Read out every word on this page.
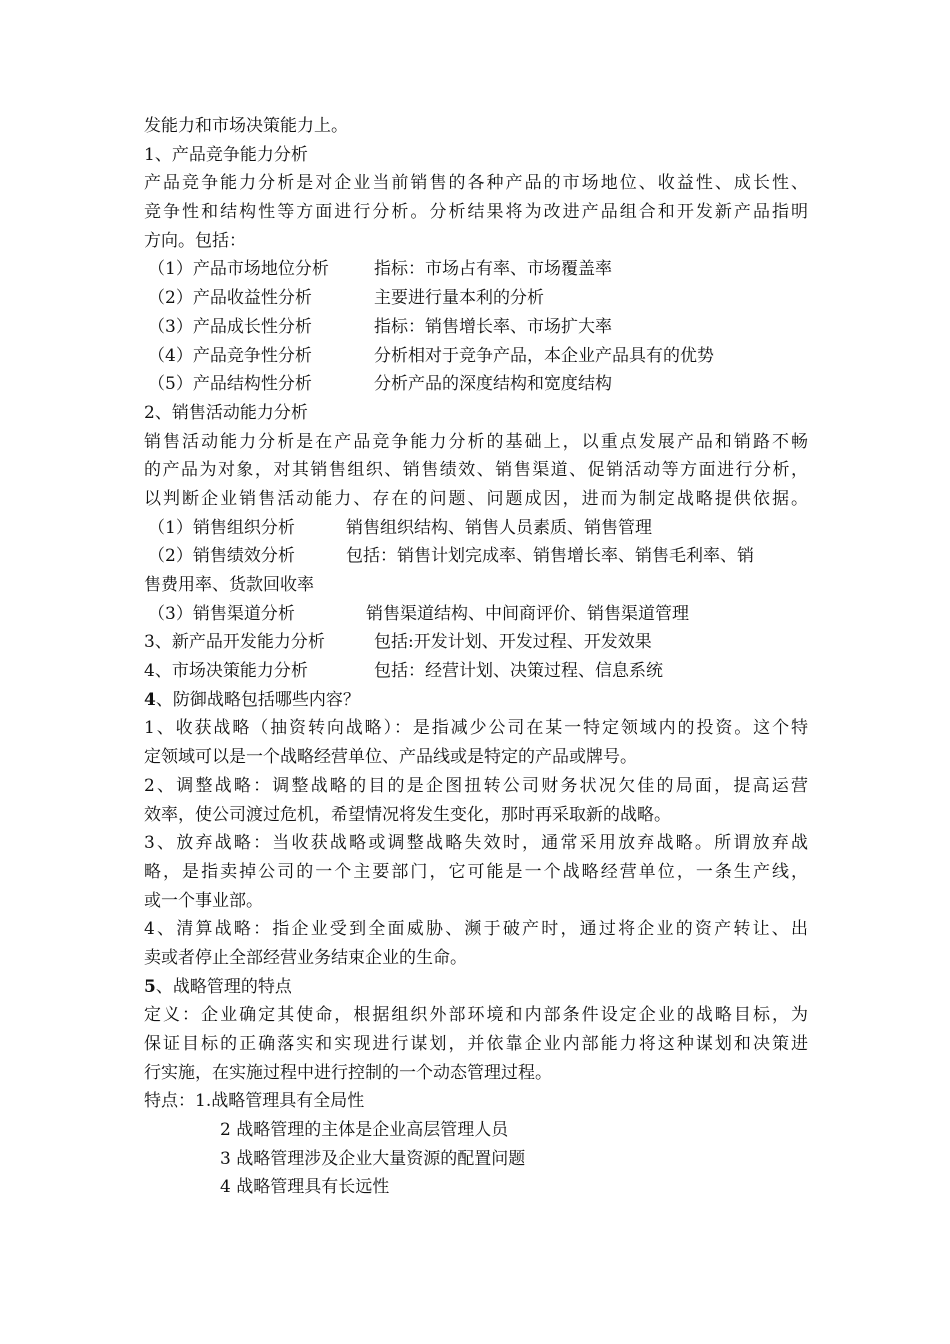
发能力和市场决策能力上。
1、产品竞争能力分析
产品竞争能力分析是对企业当前销售的各种产品的市场地位、收益性、成长性、
竞争性和结构性等方面进行分析。分析结果将为改进产品组合和开发新产品指明
方向。包括：
（1）产品市场地位分析	指标：市场占有率、市场覆盖率
（2）产品收益性分析	主要进行量本利的分析
（3）产品成长性分析	指标：销售增长率、市场扩大率
（4）产品竞争性分析	分析相对于竞争产品，本企业产品具有的优势
（5）产品结构性分析	分析产品的深度结构和宽度结构
2、销售活动能力分析
销售活动能力分析是在产品竞争能力分析的基础上，以重点发展产品和销路不畅
的产品为对象，对其销售组织、销售绩效、销售渠道、促销活动等方面进行分析，
以判断企业销售活动能力、存在的问题、问题成因，进而为制定战略提供依据。
（1）销售组织分析	销售组织结构、销售人员素质、销售管理
（2）销售绩效分析	包括：销售计划完成率、销售增长率、销售毛利率、销
售费用率、货款回收率
（3）销售渠道分析	销售渠道结构、中间商评价、销售渠道管理
3、新产品开发能力分析	包括:开发计划、开发过程、开发效果
4、市场决策能力分析	包括：经营计划、决策过程、信息系统
4、防御战略包括哪些内容？
1、收获战略（抽资转向战略）：是指减少公司在某一特定领域内的投资。这个特
定领域可以是一个战略经营单位、产品线或是特定的产品或牌号。
2、调整战略：调整战略的目的是企图扭转公司财务状况欠佳的局面，提高运营
效率，使公司渡过危机，希望情况将发生变化，那时再采取新的战略。
3、放弃战略：当收获战略或调整战略失效时，通常采用放弃战略。所谓放弃战
略，是指卖掉公司的一个主要部门，它可能是一个战略经营单位，一条生产线，
或一个事业部。
4、清算战略：指企业受到全面威胁、濒于破产时，通过将企业的资产转让、出
卖或者停止全部经营业务结束企业的生命。
5、战略管理的特点
定义：企业确定其使命，根据组织外部环境和内部条件设定企业的战略目标，为
保证目标的正确落实和实现进行谋划，并依靠企业内部能力将这种谋划和决策进
行实施，在实施过程中进行控制的一个动态管理过程。
特点：1.战略管理具有全局性
2 战略管理的主体是企业高层管理人员
3 战略管理涉及企业大量资源的配置问题
4 战略管理具有长远性
